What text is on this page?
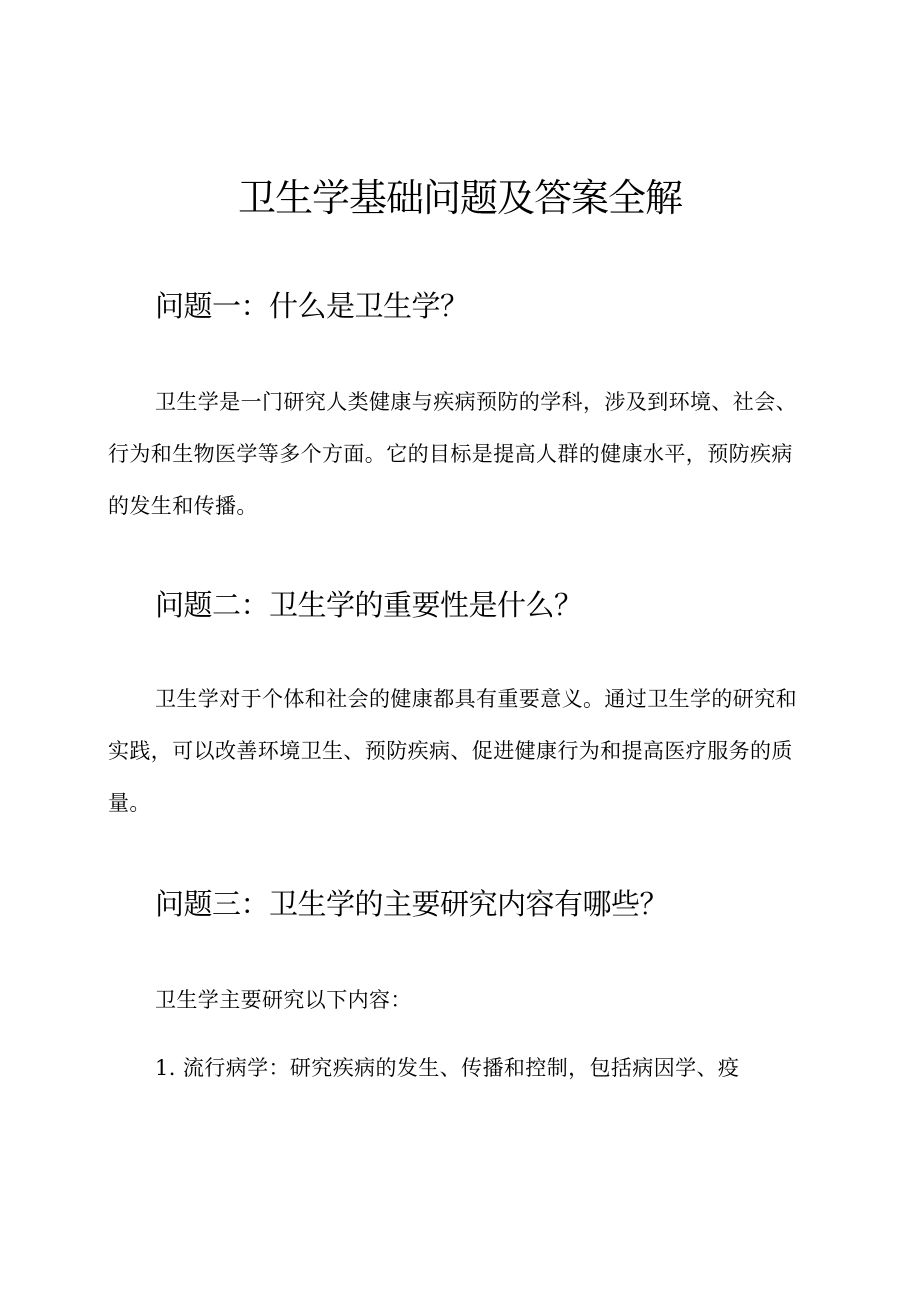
卫生学基础问题及答案全解
问题一：什么是卫生学？

卫生学是一门研究人类健康与疾病预防的学科，涉及到环境、社会、行为和生物医学等多个方面。它的目标是提高人群的健康水平，预防疾病的发生和传播。

问题二：卫生学的重要性是什么？

卫生学对于个体和社会的健康都具有重要意义。通过卫生学的研究和实践，可以改善环境卫生、预防疾病、促进健康行为和提高医疗服务的质量。

问题三：卫生学的主要研究内容有哪些？

卫生学主要研究以下内容：

1. 流行病学：研究疾病的发生、传播和控制，包括病因学、疫
